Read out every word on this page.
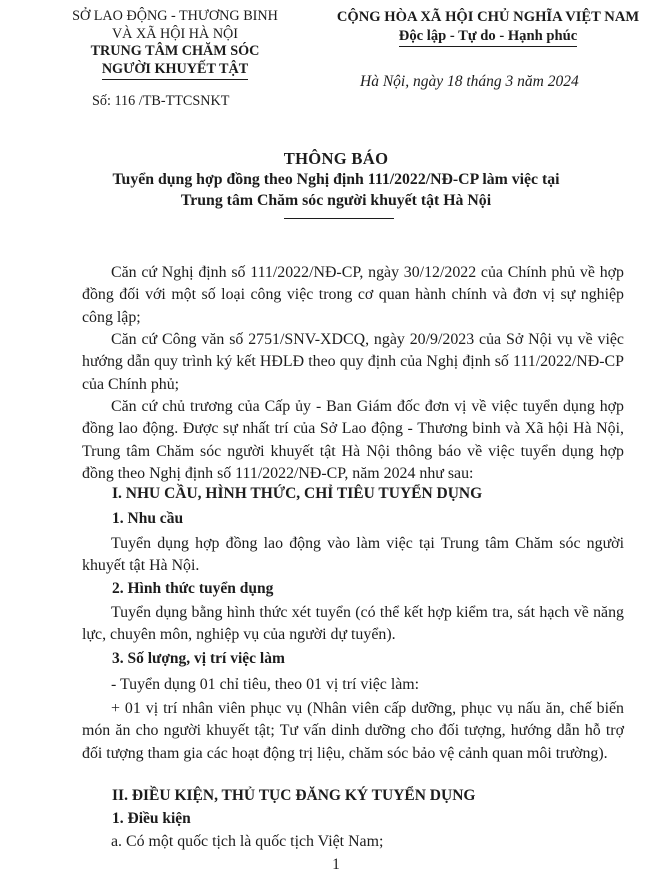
SỞ LAO ĐỘNG - THƯƠNG BINH
VÀ XÃ HỘI HÀ NỘI
TRUNG TÂM CHĂM SÓC
NGƯỜI KHUYẾT TẬT
Số: 116 /TB-TTCSNKT
CỘNG HÒA XÃ HỘI CHỦ NGHĨA VIỆT NAM
Độc lập - Tự do - Hạnh phúc
Hà Nội, ngày 18 tháng 3 năm 2024
THÔNG BÁO
Tuyển dụng hợp đồng theo Nghị định 111/2022/NĐ-CP làm việc tại
Trung tâm Chăm sóc người khuyết tật Hà Nội
Căn cứ Nghị định số 111/2022/NĐ-CP, ngày 30/12/2022 của Chính phủ về hợp đồng đối với một số loại công việc trong cơ quan hành chính và đơn vị sự nghiệp công lập;
Căn cứ Công văn số 2751/SNV-XDCQ, ngày 20/9/2023 của Sở Nội vụ về việc hướng dẫn quy trình ký kết HĐLĐ theo quy định của Nghị định số 111/2022/NĐ-CP của Chính phủ;
Căn cứ chủ trương của Cấp ủy - Ban Giám đốc đơn vị về việc tuyển dụng hợp đồng lao động. Được sự nhất trí của Sở Lao động - Thương binh và Xã hội Hà Nội, Trung tâm Chăm sóc người khuyết tật Hà Nội thông báo về việc tuyển dụng hợp đồng theo Nghị định số 111/2022/NĐ-CP, năm 2024 như sau:
I. NHU CẦU, HÌNH THỨC, CHỈ TIÊU TUYỂN DỤNG
1. Nhu cầu
Tuyển dụng hợp đồng lao động vào làm việc tại Trung tâm Chăm sóc người khuyết tật Hà Nội.
2. Hình thức tuyển dụng
Tuyển dụng bằng hình thức xét tuyển (có thể kết hợp kiểm tra, sát hạch về năng lực, chuyên môn, nghiệp vụ của người dự tuyển).
3. Số lượng, vị trí việc làm
- Tuyển dụng 01 chỉ tiêu, theo 01 vị trí việc làm:
+ 01 vị trí nhân viên phục vụ (Nhân viên cấp dưỡng, phục vụ nấu ăn, chế biến món ăn cho người khuyết tật; Tư vấn dinh dưỡng cho đối tượng, hướng dẫn hỗ trợ đối tượng tham gia các hoạt động trị liệu, chăm sóc bảo vệ cảnh quan môi trường).
II. ĐIỀU KIỆN, THỦ TỤC ĐĂNG KÝ TUYỂN DỤNG
1. Điều kiện
a. Có một quốc tịch là quốc tịch Việt Nam;
1
